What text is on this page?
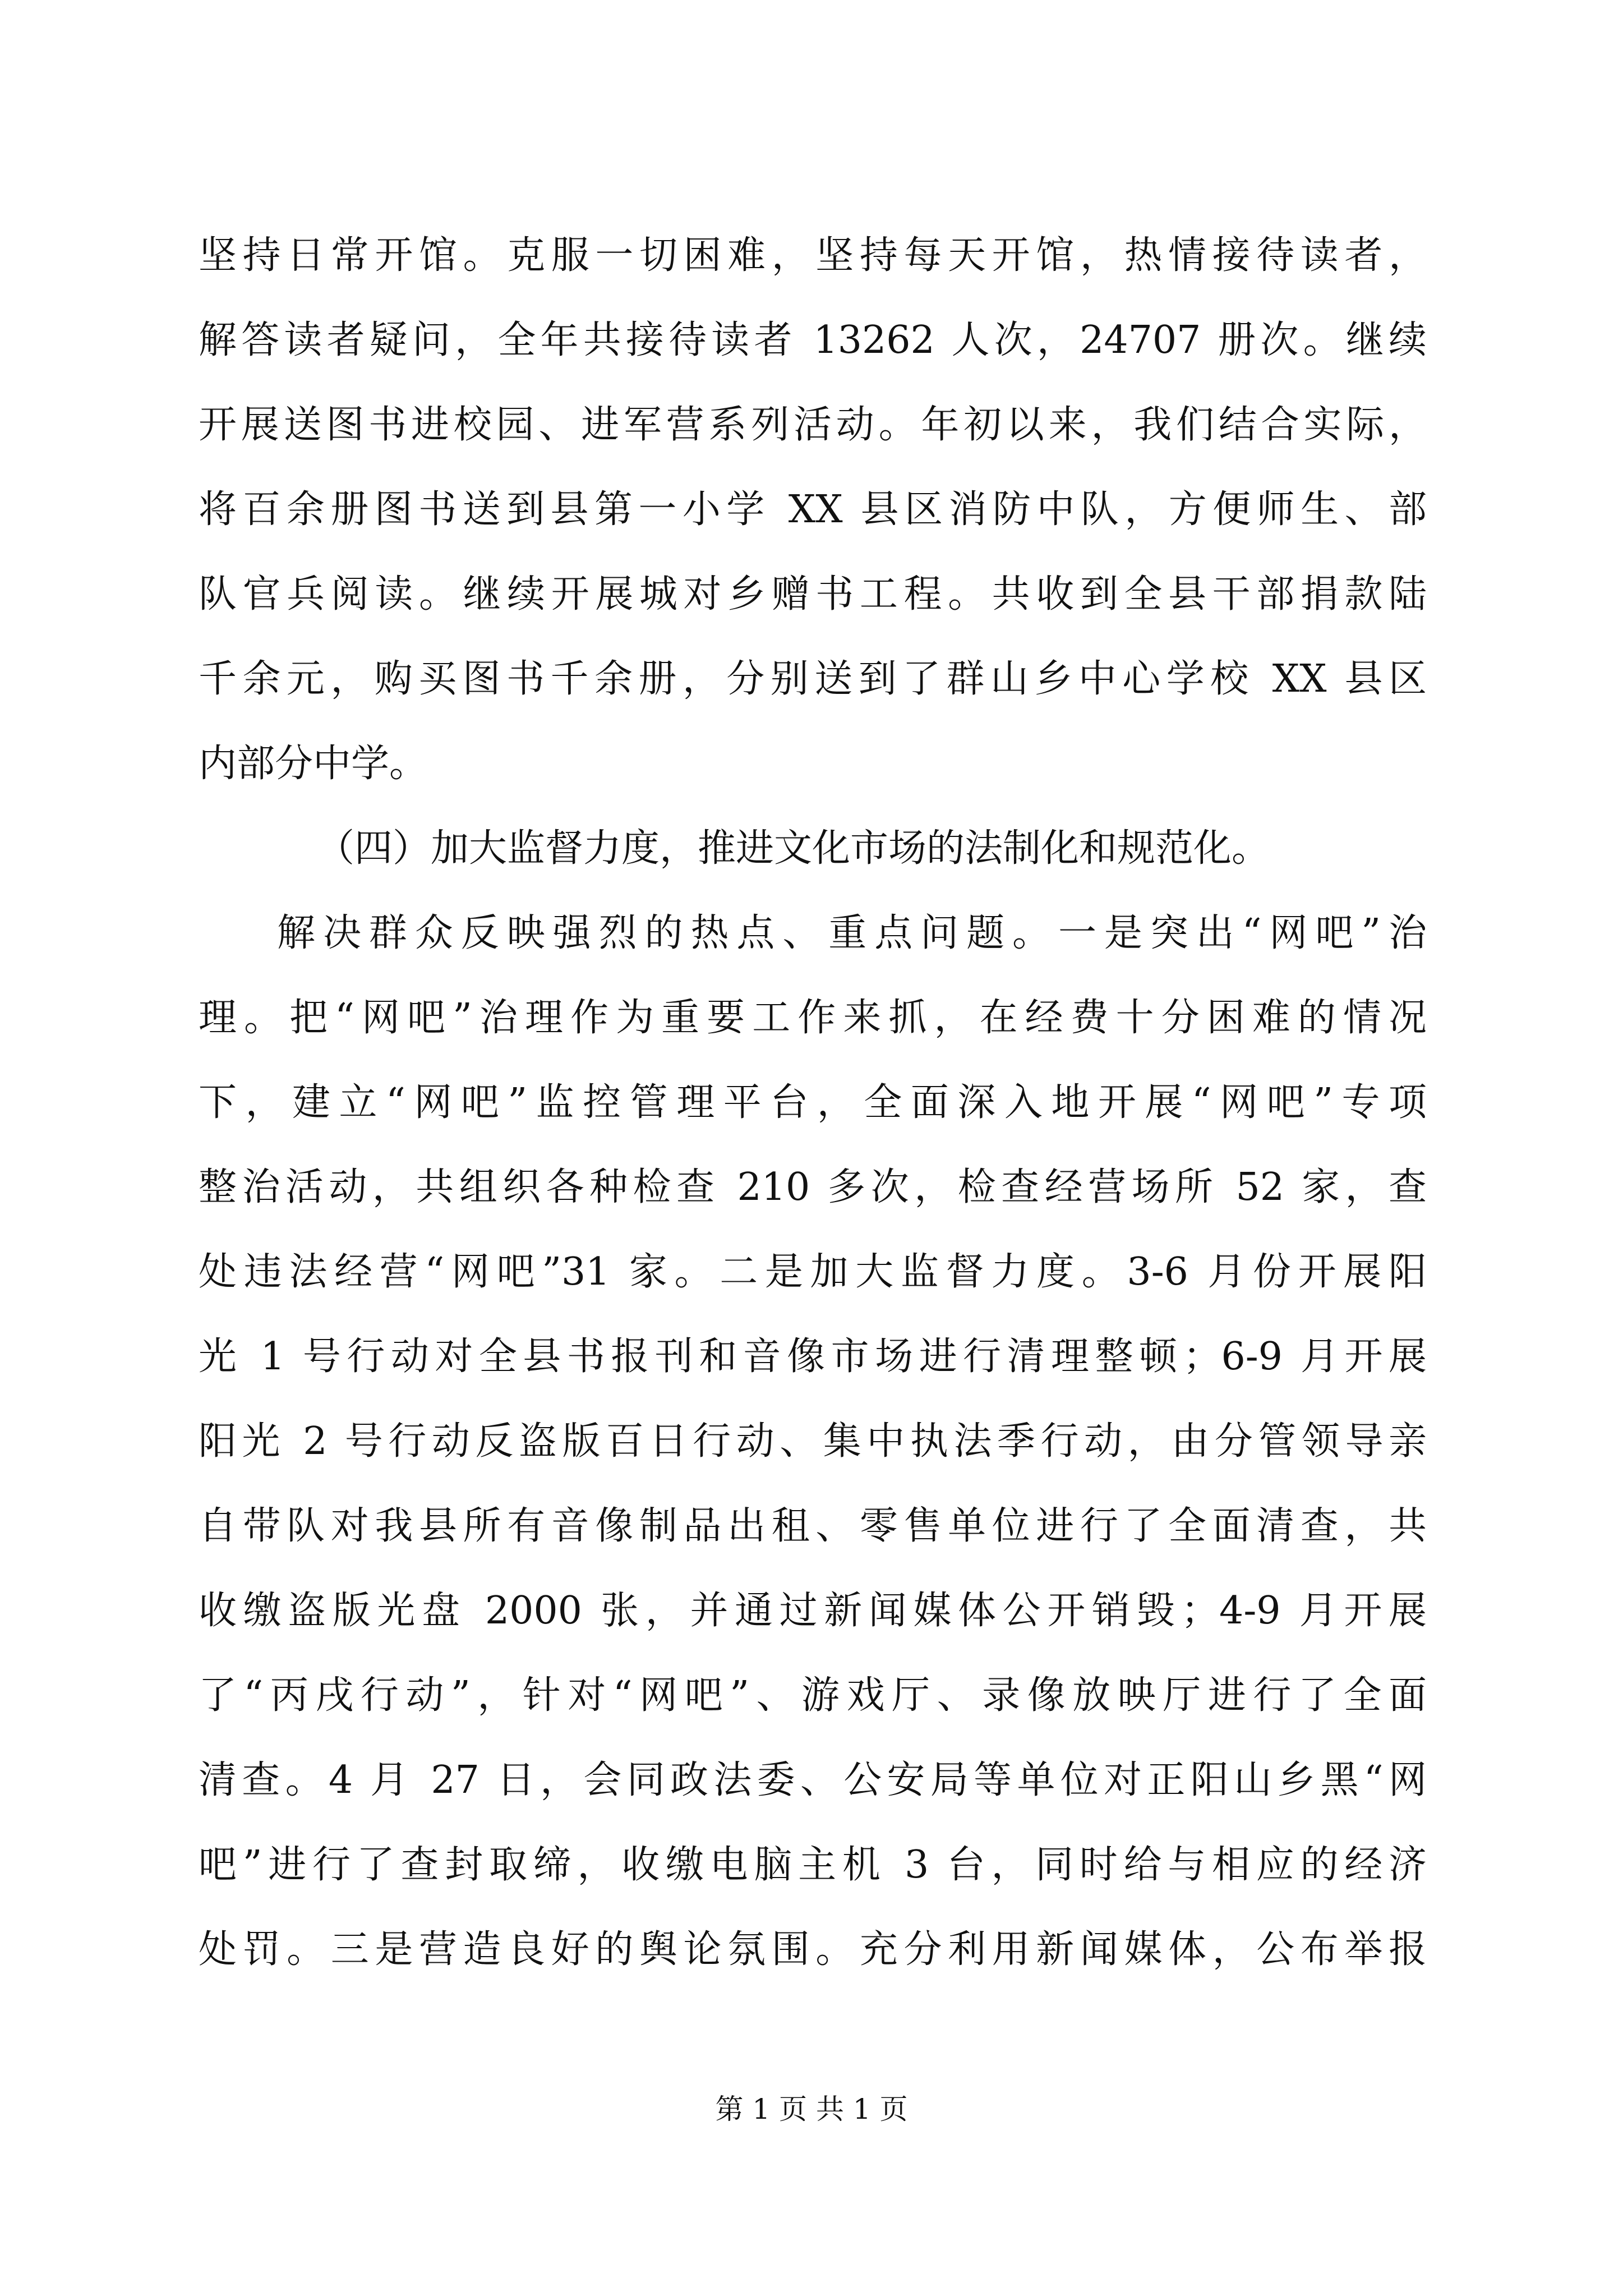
坚持日常开馆。克服一切困难，坚持每天开馆，热情接待读者，
解答读者疑问，全年共接待读者 13262 人次，24707 册次。继续
开展送图书进校园、进军营系列活动。年初以来，我们结合实际，
将百余册图书送到县第一小学 XX 县区消防中队，方便师生、部
队官兵阅读。继续开展城对乡赠书工程。共收到全县干部捐款陆
千余元，购买图书千余册，分别送到了群山乡中心学校 XX 县区
内部分中学。
（四）加大监督力度，推进文化市场的法制化和规范化。
解决群众反映强烈的热点、重点问题。一是突出“网吧”治
理。把“网吧”治理作为重要工作来抓，在经费十分困难的情况
下，建立“网吧”监控管理平台，全面深入地开展“网吧”专项
整治活动，共组织各种检查 210 多次，检查经营场所 52 家，查
处违法经营“网吧”31 家。二是加大监督力度。3-6 月份开展阳
光 1 号行动对全县书报刊和音像市场进行清理整顿；6-9 月开展
阳光 2 号行动反盗版百日行动、集中执法季行动，由分管领导亲
自带队对我县所有音像制品出租、零售单位进行了全面清查，共
收缴盗版光盘 2000 张，并通过新闻媒体公开销毁；4-9 月开展
了“丙戌行动”，针对“网吧”、游戏厅、录像放映厅进行了全面
清查。4 月 27 日，会同政法委、公安局等单位对正阳山乡黑“网
吧”进行了查封取缔，收缴电脑主机 3 台，同时给与相应的经济
处罚。三是营造良好的舆论氛围。充分利用新闻媒体，公布举报
第 1 页 共 1 页
